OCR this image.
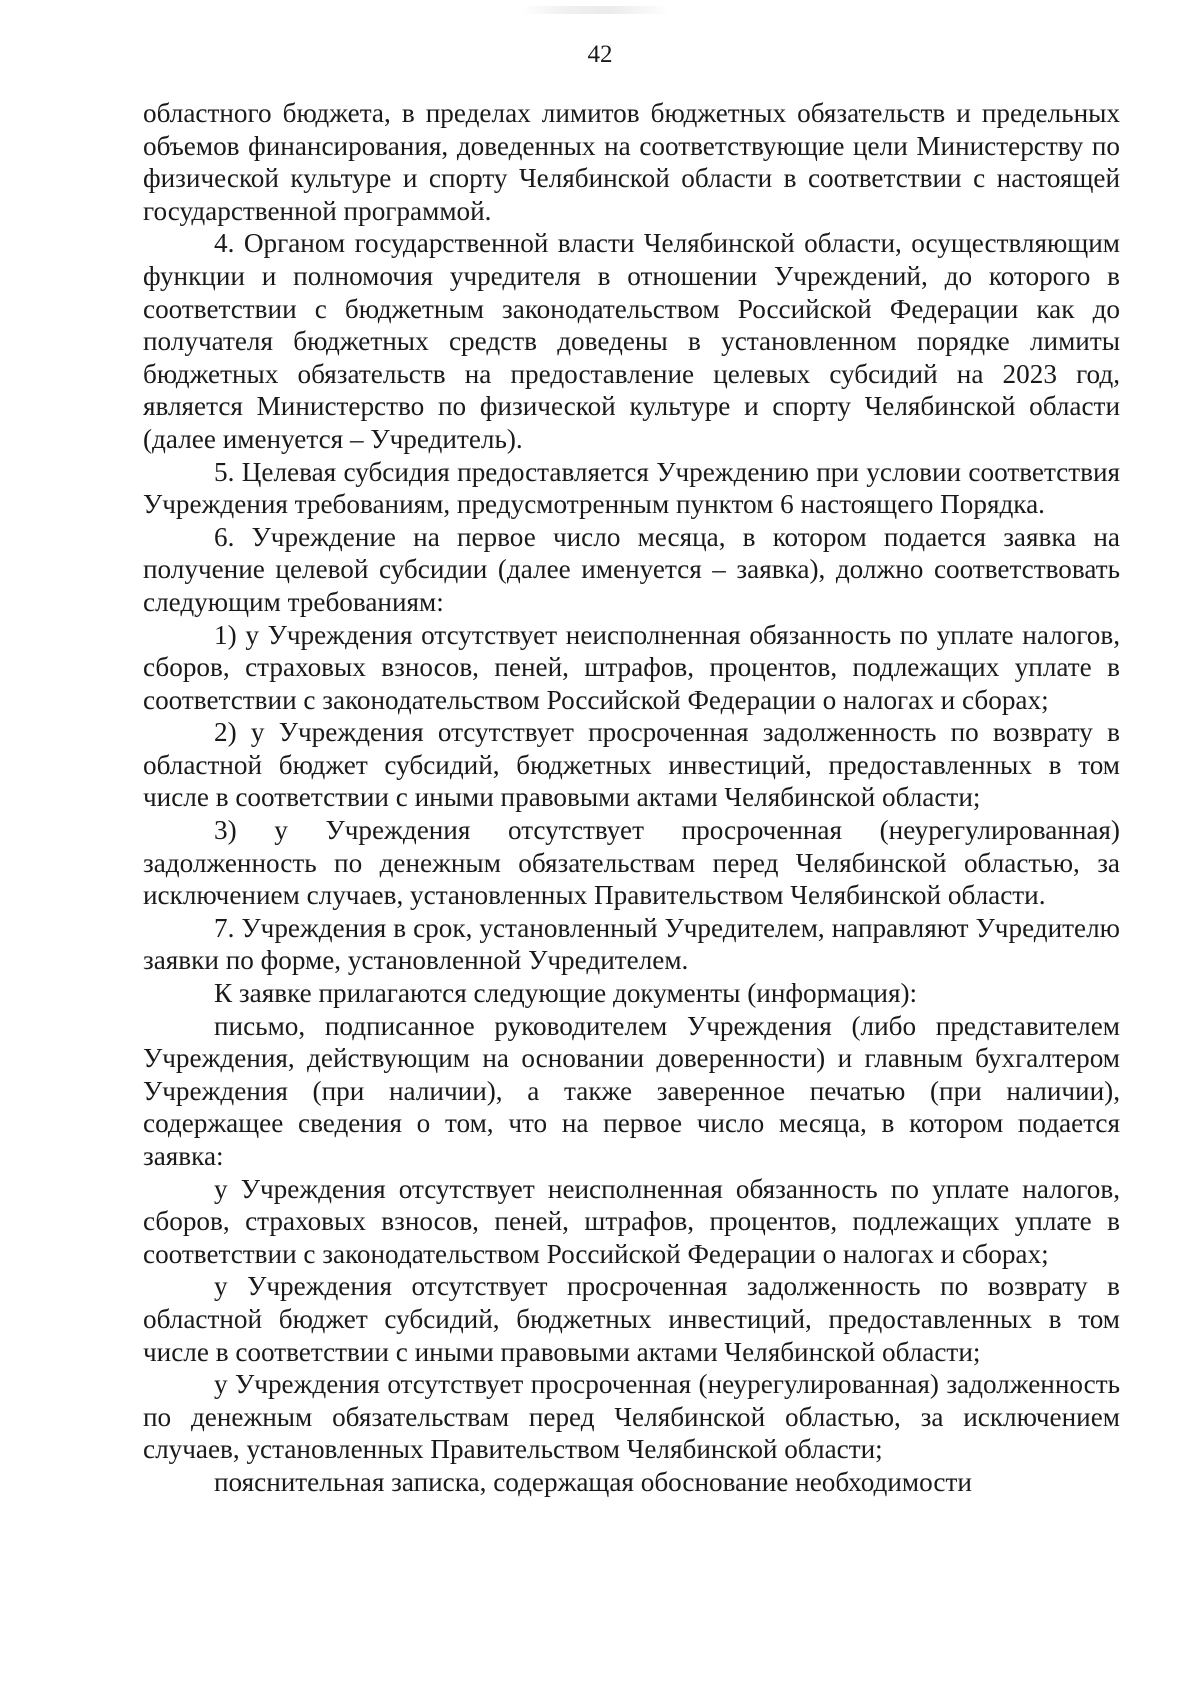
42

областного бюджета, в пределах лимитов бюджетных обязательств и предельных объемов финансирования, доведенных на соответствующие цели Министерству по физической культуре и спорту Челябинской области в соответствии с настоящей государственной программой.

4. Органом государственной власти Челябинской области, осуществляющим функции и полномочия учредителя в отношении Учреждений, до которого в соответствии с бюджетным законодательством Российской Федерации как до получателя бюджетных средств доведены в установленном порядке лимиты бюджетных обязательств на предоставление целевых субсидий на 2023 год, является Министерство по физической культуре и спорту Челябинской области (далее именуется – Учредитель).

5. Целевая субсидия предоставляется Учреждению при условии соответствия Учреждения требованиям, предусмотренным пунктом 6 настоящего Порядка.

6. Учреждение на первое число месяца, в котором подается заявка на получение целевой субсидии (далее именуется – заявка), должно соответствовать следующим требованиям:

1) у Учреждения отсутствует неисполненная обязанность по уплате налогов, сборов, страховых взносов, пеней, штрафов, процентов, подлежащих уплате в соответствии с законодательством Российской Федерации о налогах и сборах;

2) у Учреждения отсутствует просроченная задолженность по возврату в областной бюджет субсидий, бюджетных инвестиций, предоставленных в том числе в соответствии с иными правовыми актами Челябинской области;

3) у Учреждения отсутствует просроченная (неурегулированная) задолженность по денежным обязательствам перед Челябинской областью, за исключением случаев, установленных Правительством Челябинской области.

7. Учреждения в срок, установленный Учредителем, направляют Учредителю заявки по форме, установленной Учредителем.

К заявке прилагаются следующие документы (информация):

письмо, подписанное руководителем Учреждения (либо представителем Учреждения, действующим на основании доверенности) и главным бухгалтером Учреждения (при наличии), а также заверенное печатью (при наличии), содержащее сведения о том, что на первое число месяца, в котором подается заявка:

у Учреждения отсутствует неисполненная обязанность по уплате налогов, сборов, страховых взносов, пеней, штрафов, процентов, подлежащих уплате в соответствии с законодательством Российской Федерации о налогах и сборах;

у Учреждения отсутствует просроченная задолженность по возврату в областной бюджет субсидий, бюджетных инвестиций, предоставленных в том числе в соответствии с иными правовыми актами Челябинской области;

у Учреждения отсутствует просроченная (неурегулированная) задолженность по денежным обязательствам перед Челябинской областью, за исключением случаев, установленных Правительством Челябинской области;

пояснительная записка, содержащая обоснование необходимости
